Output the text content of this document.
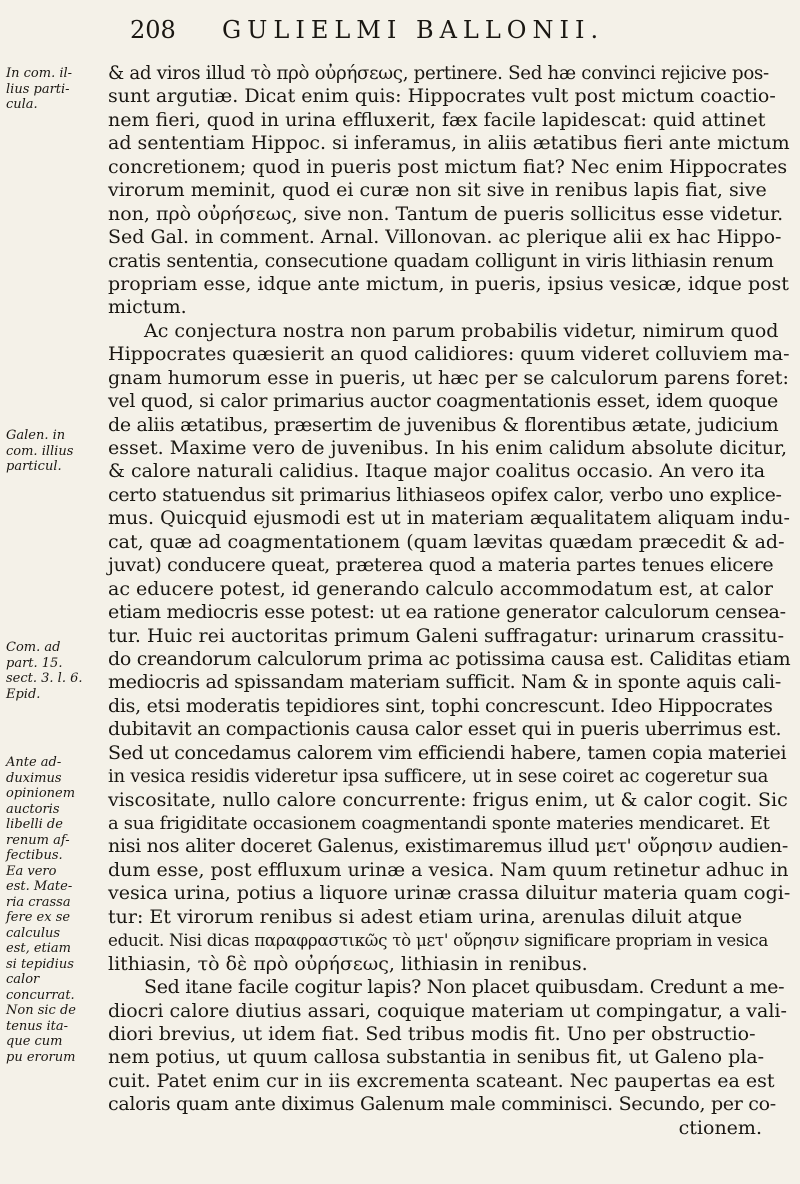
208 GULIELMI BALLONII.
In com. il-
lius parti-
cula.
Galen. in
com. illius
particul.
Com. ad
part. 15.
sect. 3. l. 6.
Epid.
Ante ad-
duximus
opinionem
auctoris
libelli de
renum af-
fectibus.
Ea vero
est. Mate-
ria crassa
fere ex se
calculus
est, etiam
si tepidius
calor
concurrat.
Non sic de
tenus ita-
que cum
pu erorum
& ad viros illud τὸ πρὸ οὐρήσεως, pertinere. Sed hæ convinci rejicive pos-
sunt argutiæ. Dicat enim quis: Hippocrates vult post mictum coactio-
nem fieri, quod in urina effluxerit, fæx facile lapidescat: quid attinet
ad sententiam Hippoc. si inferamus, in aliis ætatibus fieri ante mictum
concretionem; quod in pueris post mictum fiat? Nec enim Hippocrates
virorum meminit, quod ei curæ non sit sive in renibus lapis fiat, sive
non, πρὸ οὐρήσεως, sive non. Tantum de pueris sollicitus esse videtur.
Sed Gal. in comment. Arnal. Villonovan. ac plerique alii ex hac Hippo-
cratis sententia, consecutione quadam colligunt in viris lithiasin renum
propriam esse, idque ante mictum, in pueris, ipsius vesicæ, idque post
mictum.
Ac conjectura nostra non parum probabilis videtur, nimirum quod
Hippocrates quæsierit an quod calidiores: quum videret colluviem ma-
gnam humorum esse in pueris, ut hæc per se calculorum parens foret:
vel quod, si calor primarius auctor coagmentationis esset, idem quoque
de aliis ætatibus, præsertim de juvenibus & florentibus ætate, judicium
esset. Maxime vero de juvenibus. In his enim calidum absolute dicitur,
& calore naturali calidius. Itaque major coalitus occasio. An vero ita
certo statuendus sit primarius lithiaseos opifex calor, verbo uno explice-
mus. Quicquid ejusmodi est ut in materiam æqualitatem aliquam indu-
cat, quæ ad coagmentationem (quam lævitas quædam præcedit & ad-
juvat) conducere queat, præterea quod a materia partes tenues elicere
ac educere potest, id generando calculo accommodatum est, at calor
etiam mediocris esse potest: ut ea ratione generator calculorum censea-
tur. Huic rei auctoritas primum Galeni suffragatur: urinarum crassitu-
do creandorum calculorum prima ac potissima causa est. Caliditas etiam
mediocris ad spissandam materiam sufficit. Nam & in sponte aquis cali-
dis, etsi moderatis tepidiores sint, tophi concrescunt. Ideo Hippocrates
dubitavit an compactionis causa calor esset qui in pueris uberrimus est.
Sed ut concedamus calorem vim efficiendi habere, tamen copia materiei
in vesica residis videretur ipsa sufficere, ut in sese coiret ac cogeretur sua
viscositate, nullo calore concurrente: frigus enim, ut & calor cogit. Sic
a sua frigiditate occasionem coagmentandi sponte materies mendicaret. Et
nisi nos aliter doceret Galenus, existimaremus illud μετ' οὔρησιν audien-
dum esse, post effluxum urinæ a vesica. Nam quum retinetur adhuc in
vesica urina, potius a liquore urinæ crassa diluitur materia quam cogi-
tur: Et virorum renibus si adest etiam urina, arenulas diluit atque
educit. Nisi dicas παραφραστικῶς τὸ μετ' οὔρησιν significare propriam in vesica
lithiasin, τὸ δὲ πρὸ οὐρήσεως, lithiasin in renibus.
Sed itane facile cogitur lapis? Non placet quibusdam. Credunt a me-
diocri calore diutius assari, coquique materiam ut compingatur, a vali-
diori brevius, ut idem fiat. Sed tribus modis fit. Uno per obstructio-
nem potius, ut quum callosa substantia in senibus fit, ut Galeno pla-
cuit. Patet enim cur in iis excrementa scateant. Nec paupertas ea est
caloris quam ante diximus Galenum male comminisci. Secundo, per co-
ctionem.
